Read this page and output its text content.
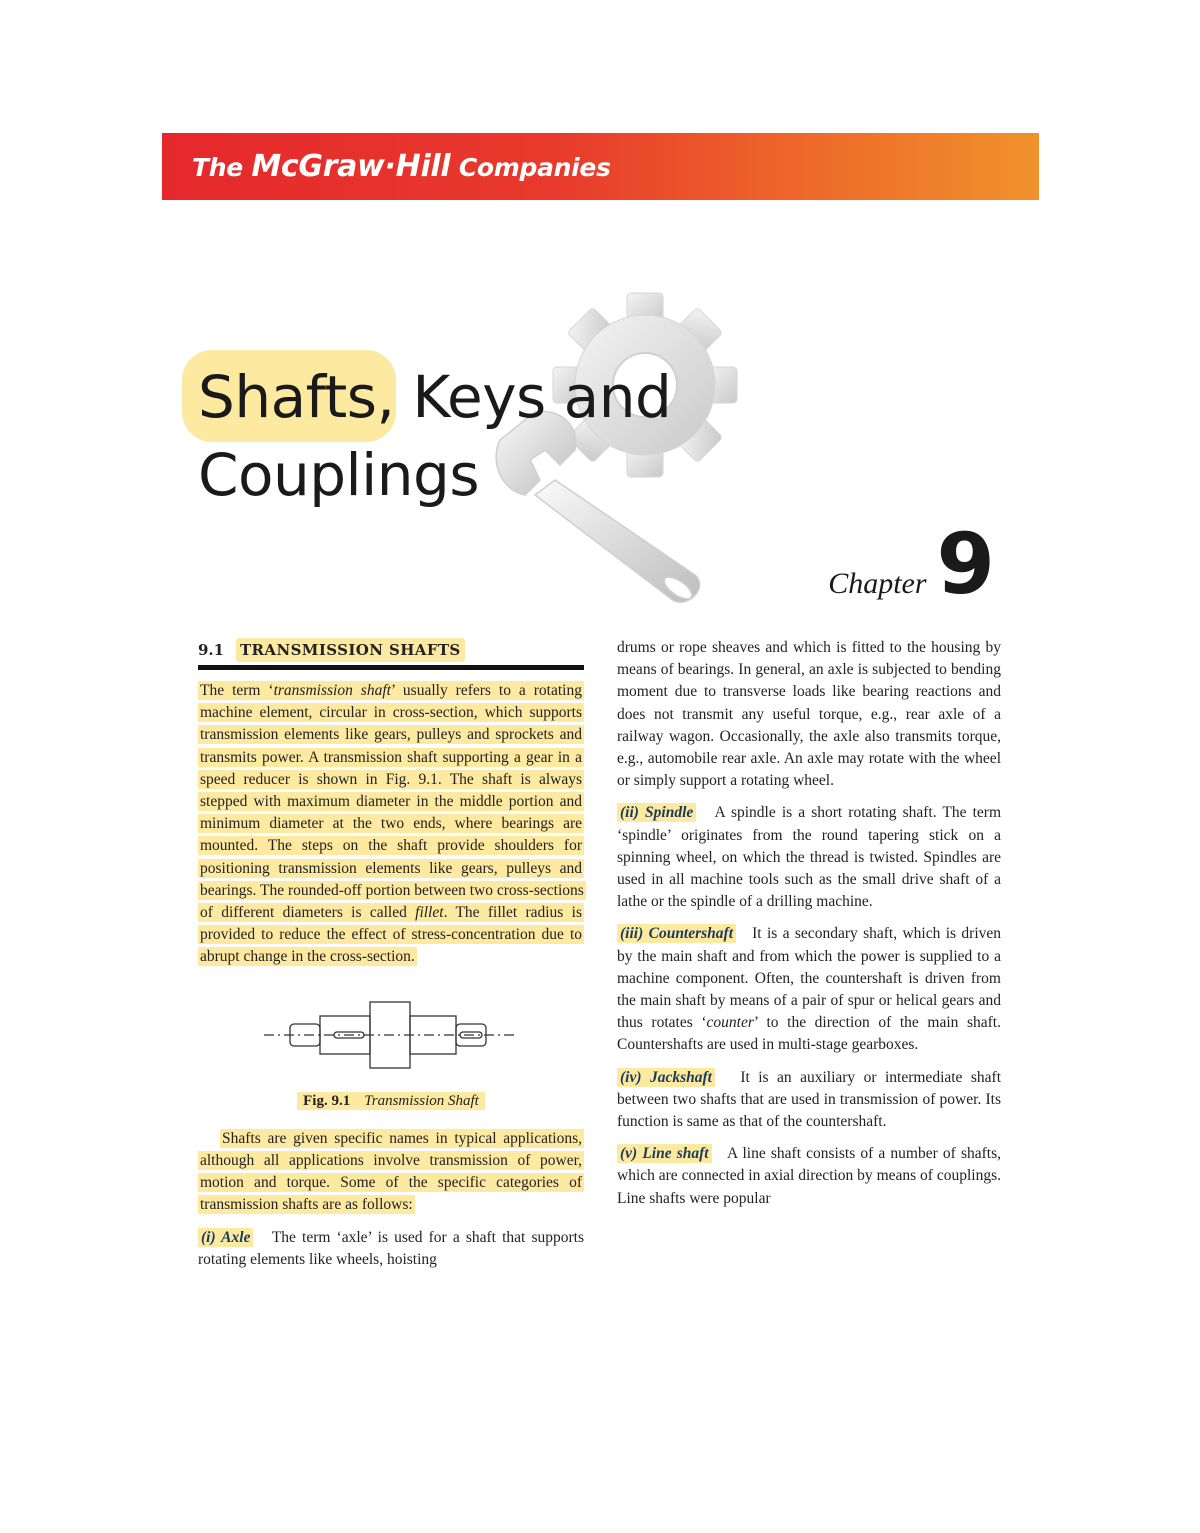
The McGraw·Hill Companies
Shafts, Keys and
Couplings
Chapter 9
9.1	TRANSMISSION SHAFTS

The term ‘transmission shaft’ usually refers to a rotating machine element, circular in cross-section, which supports transmission elements like gears, pulleys and sprockets and transmits power. A transmission shaft supporting a gear in a speed reducer is shown in Fig. 9.1. The shaft is always stepped with maximum diameter in the middle portion and minimum diameter at the two ends, where bearings are mounted. The steps on the shaft provide shoulders for positioning transmission elements like gears, pulleys and bearings. The rounded-off portion between two cross-sections of different diameters is called fillet. The fillet radius is provided to reduce the effect of stress-concentration due to abrupt change in the cross-section.

Fig. 9.1 Transmission Shaft

Shafts are given specific names in typical applications, although all applications involve transmission of power, motion and torque. Some of the specific categories of transmission shafts are as follows:

(i) Axle The term ‘axle’ is used for a shaft that supports rotating elements like wheels, hoisting

drums or rope sheaves and which is fitted to the housing by means of bearings. In general, an axle is subjected to bending moment due to transverse loads like bearing reactions and does not transmit any useful torque, e.g., rear axle of a railway wagon. Occasionally, the axle also transmits torque, e.g., automobile rear axle. An axle may rotate with the wheel or simply support a rotating wheel.

(ii) Spindle A spindle is a short rotating shaft. The term ‘spindle’ originates from the round tapering stick on a spinning wheel, on which the thread is twisted. Spindles are used in all machine tools such as the small drive shaft of a lathe or the spindle of a drilling machine.

(iii) Countershaft It is a secondary shaft, which is driven by the main shaft and from which the power is supplied to a machine component. Often, the countershaft is driven from the main shaft by means of a pair of spur or helical gears and thus rotates ‘counter’ to the direction of the main shaft. Countershafts are used in multi-stage gearboxes.

(iv) Jackshaft It is an auxiliary or intermediate shaft between two shafts that are used in transmission of power. Its function is same as that of the countershaft.

(v) Line shaft A line shaft consists of a number of shafts, which are connected in axial direction by means of couplings. Line shafts were popular
